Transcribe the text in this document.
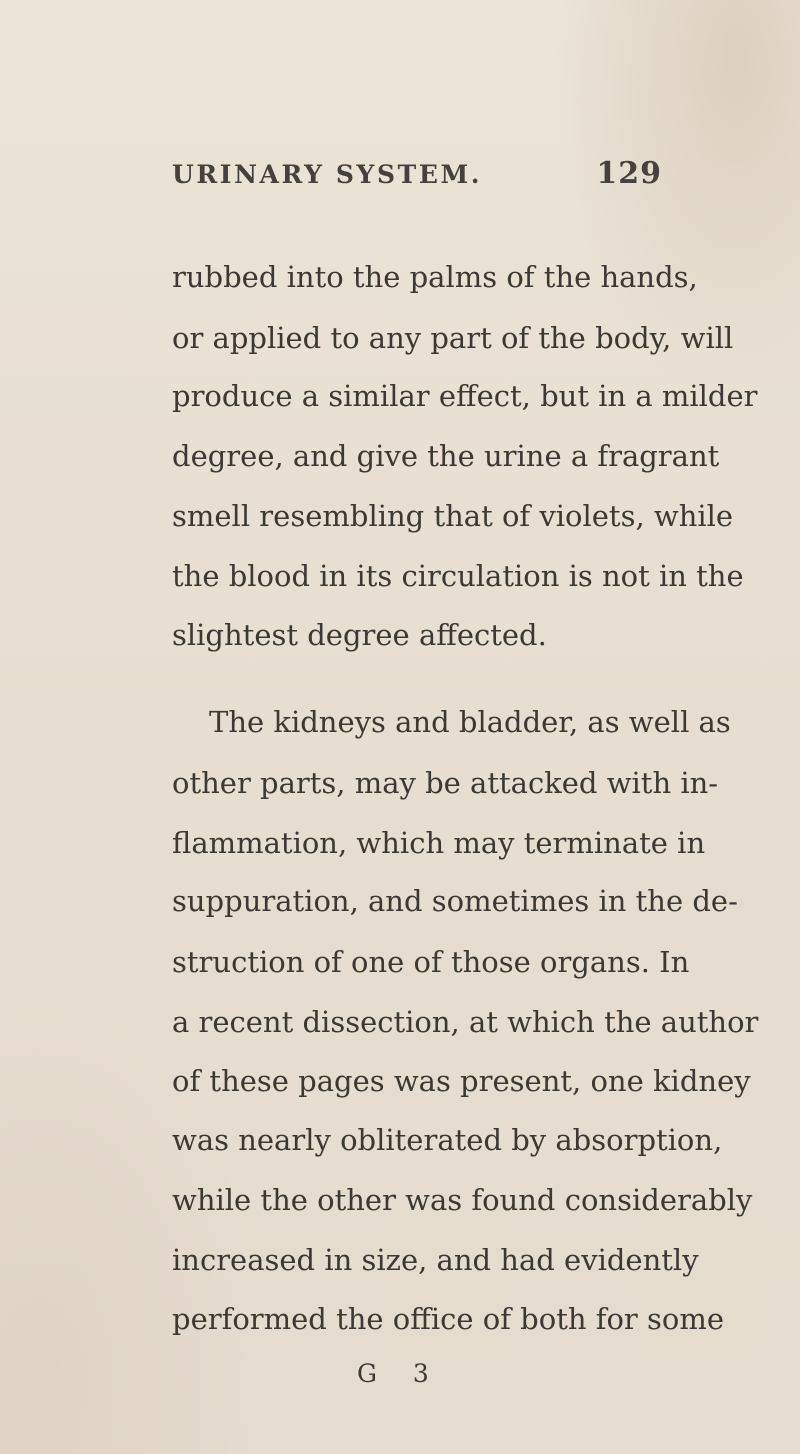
URINARY SYSTEM.	129
rubbed into the palms of the hands,
or applied to any part of the body, will
produce a similar effect, but in a milder
degree, and give the urine a fragrant
smell resembling that of violets, while
the blood in its circulation is not in the
slightest degree affected.
The kidneys and bladder, as well as
other parts, may be attacked with in-
flammation, which may terminate in
suppuration, and sometimes in the de-
struction of one of those organs. In
a recent dissection, at which the author
of these pages was present, one kidney
was nearly obliterated by absorption,
while the other was found considerably
increased in size, and had evidently
performed the office of both for some
G 3
